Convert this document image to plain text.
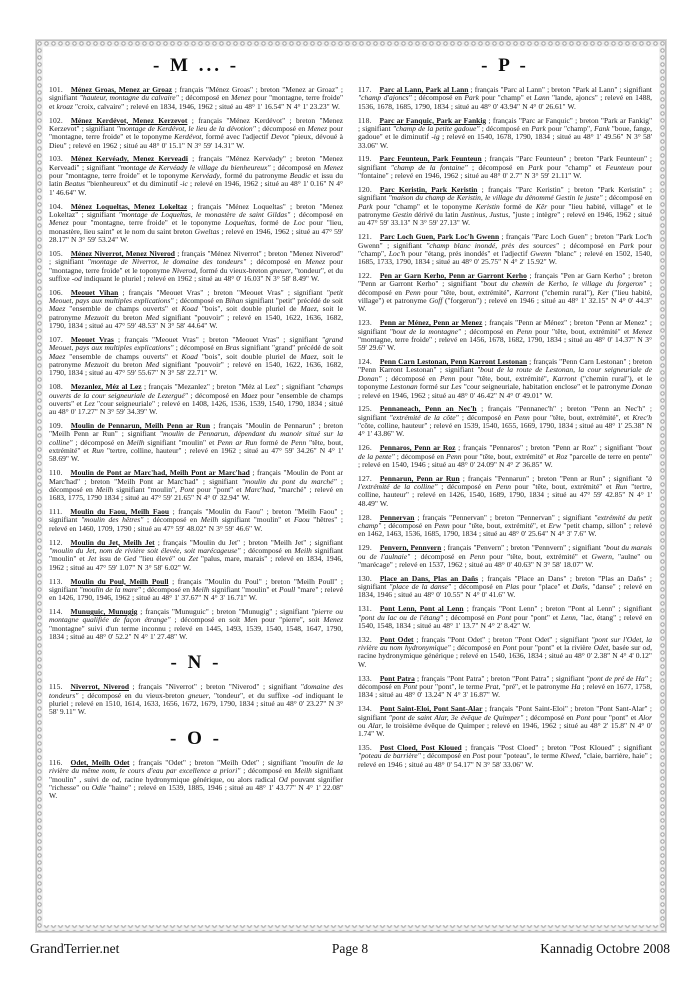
- M ... -

101.  Ménez Groas, Menez ar Groaz ; français "Ménez Groas" ; breton "Menez ar Groaz" ; signifiant "hauteur, montagne du calvaire" ; décomposé en Menez pour "montagne, terre froide" et kroaz "croix, calvaire" ; relevé en 1834, 1946, 1962 ; situé au 48° 1' 16.54" N 4° 1' 23.23" W.

102.  Ménez Kerdévot, Menez Kerzevot ; français "Ménez Kerdévot" ; breton "Menez Kerzevot" ; signifiant "montage de Kerdévot, le lieu de la dévotion" ; décomposé en Menez pour "montagne, terre froide" et le toponyme Kerdévot, formé avec l'adjectif Devot "pieux, dévoué à Dieu" ; relevé en 1962 ; situé au 48° 0' 15.1" N 3° 59' 14.31" W.

103.  Ménez Kervéady, Menez Kerveadi ; français "Ménez Kervéady" ; breton "Menez Kerveadi" ; signifiant "montage de Kervéady le village du bienheureux" ; décomposé en Menez pour "montagne, terre froide" et le toponyme Kervéady, formé du patronyme Beadic et issu du latin Beatus "bienheureux" et du diminutif -ic ; relevé en 1946, 1962 ; situé au 48° 1' 0.16" N 4° 1' 46.64" W.

104.  Ménez Loqueltas, Menez Lokeltaz ; français "Ménez Loqueltas" ; breton "Menez Lokeltaz" ; signifiant "montage de Loqueltas, le monastère de saint Gildas" ; décomposé en Menez pour "montagne, terre froide" et le toponyme Loqueltas, formé de Loc pour "lieu, monastère, lieu saint" et le nom du saint breton Gweltas ; relevé en 1946, 1962 ; situé au 47° 59' 28.17" N 3° 59' 53.24" W.

105.  Ménez Niverrot, Menez Niverod ; français "Ménez Niverrot" ; breton "Menez Niverod" ; signifiant "montage de Niverrot, le domaine des tondeurs" ; décomposé en Menez pour "montagne, terre froide" et le toponyme Niverod, formé du vieux-breton gneuer, "tondeur", et du suffixe -od indiquant le pluriel ; relevé en 1962 ; situé au 48° 0' 16.03" N 3° 58' 8.49" W.

106.  Meouet Vihan ; français "Meouet Vras" ; breton "Meouet Vras" ; signifiant "petit Meouet, pays aux multiples explications" ; décomposé en Bihan signifiant "petit" précédé de soit Maez "ensemble de champs ouverts" et Koad "bois", soit double pluriel de Maez, soit le patronyme Mezuoit du breton Med signifiant "pouvoir" ; relevé en 1540, 1622, 1636, 1682, 1790, 1834 ; situé au 47° 59' 48.53" N 3° 58' 44.64" W.

107.  Meouet Vras ; français "Meouet Vras" ; breton "Meouet Vras" ; signifiant "grand Meouet, pays aux multiples explications" ; décomposé en Bras signifiant "grand" précédé de soit Maez "ensemble de champs ouverts" et Koad "bois", soit double pluriel de Maez, soit le patronyme Mezuoit du breton Med signifiant "pouvoir" ; relevé en 1540, 1622, 1636, 1682, 1790, 1834 ; situé au 47° 59' 55.67" N 3° 58' 22.71" W.

108.  Mezanlez, Méz al Lez ; français "Mezanlez" ; breton "Méz al Lez" ; signifiant "champs ouverts de la cour seigneuriale de Lezergué" ; décomposé en Maez pour "ensemble de champs ouverts" et Lez "cour seigneuriale" ; relevé en 1408, 1426, 1536, 1539, 1540, 1790, 1834 ; situé au 48° 0' 17.27" N 3° 59' 34.39" W.

109.  Moulin de Pennarun, Meilh Penn ar Run ; français "Moulin de Pennarun" ; breton "Meilh Penn ar Run" ; signifiant "moulin de Pennarun, dépendant du manoir situé sur la colline" ; décomposé en Meilh signifiant "moulin" et Penn ar Run formé de Penn "tête, bout, extrémité" et Run "tertre, colline, hauteur" ; relevé en 1962 ; situé au 47° 59' 34.26" N 4° 1' 58.69" W.

110.  Moulin de Pont ar Marc'had, Meilh Pont ar Marc'had ; français "Moulin de Pont ar Marc'had" ; breton "Meilh Pont ar Marc'had" ; signifiant "moulin du pont du marché" ; décomposé en Meilh signifiant "moulin", Pont pour "pont" et Marc'had, "marché" ; relevé en 1683, 1775, 1790 1834 ; situé au 47° 59' 21.65" N 4° 0' 32.94" W.

111.  Moulin du Faou, Meilh Faou ; français "Moulin du Faou" ; breton "Meilh Faou" ; signifiant "moulin des hêtres" ; décomposé en Meilh signifiant "moulin" et Faou "hêtres" ; relevé en 1460, 1709, 1790 ; situé au 47° 59' 48.02" N 3° 59' 46.6" W.

112.  Moulin du Jet, Meilh Jet ; français "Moulin du Jet" ; breton "Meilh Jet" ; signifiant "moulin du Jet, nom de rivière soit élevée, soit marécageuse" ; décomposé en Meilh signifiant "moulin" et Jet issu de Ged "lieu élevé" ou Zet "palus, mare, marais" ; relevé en 1834, 1946, 1962 ; situé au 47° 59' 1.07" N 3° 58' 6.02" W.

113.  Moulin du Poul, Meilh Poull ; français "Moulin du Poul" ; breton "Meilh Poull" ; signifiant "moulin de la mare" ; décomposé en Meilh signifiant "moulin" et Poull "mare" ; relevé en 1426, 1790, 1946, 1962 ; situé au 48° 1' 37.67" N 4° 3' 16.71" W.

114.  Munuguic, Munugig ; français "Munuguic" ; breton "Munugig" ; signifiant "pierre ou montagne qualifiée de façon étrange" ; décomposé en soit Men pour "pierre", soit Menez "montagne" suivi d'un terme inconnu ; relevé en 1445, 1493, 1539, 1540, 1548, 1647, 1790, 1834 ; situé au 48° 0' 52.2" N 4° 1' 27.48" W.

- N -

115.  Niverrot, Niverod ; français "Niverrot" ; breton "Niverod" ; signifiant "domaine des tondeurs" ; décomposé en du vieux-breton gneuer, "tondeur", et du suffixe -od indiquant le pluriel ; relevé en 1510, 1614, 1633, 1656, 1672, 1679, 1790, 1834 ; situé au 48° 0' 23.27" N 3° 58' 9.11" W.

- O -

116.  Odet, Meilh Odet ; français "Odet" ; breton "Meilh Odet" ; signifiant "moulin de la rivière du même nom, le cours d'eau par excellence a priori" ; décomposé en Meilh signifiant "moulin" , suivi de od, racine hydronymique générique, ou alors radical Od pouvant signifier "richesse" ou Odie "haine" ; relevé en 1539, 1885, 1946 ; situé au 48° 1' 43.77" N 4° 1' 22.08" W.

- P -

117.  Parc al Lann, Park al Lann ; français "Parc al Lann" ; breton "Park al Lann" ; signifiant "champ d'ajoncs" ; décomposé en Park pour "champ" et Lann "lande, ajoncs" ; relevé en 1488, 1536, 1678, 1685, 1790, 1834 ; situé au 48° 0' 43.94" N 4° 0' 26.61" W.

118.  Parc ar Fanquic, Park ar Fankig ; français "Parc ar Fanquic" ; breton "Park ar Fankig" ; signifiant "champ de la petite gadoue" ; décomposé en Park pour "champ", Fank "boue, fange, gadoue" et le diminutif -ig ; relevé en 1540, 1678, 1790, 1834 ; situé au 48° 1' 49.56" N 3° 58' 33.06" W.

119.  Parc Feunteun, Park Feunteun ; français "Parc Feunteun" ; breton "Park Feunteun" ; signifiant "champ de la fontaine" ; décomposé en Park pour "champ" et Feunteun pour "fontaine" ; relevé en 1946, 1962 ; situé au 48° 0' 2.7" N 3° 59' 21.11" W.

120.  Parc Keristin, Park Keristin ; français "Parc Keristin" ; breton "Park Keristin" ; signifiant "maison du champ de Keristin, le village du dénommé Gestin le juste" ; décomposé en Park pour "champ" et le toponyme Keristin formé de Kêr pour "lieu habité, village" et le patronyme Gestin dérivé du latin Justinus, Justus, "juste ; intègre" ; relevé en 1946, 1962 ; situé au 47° 59' 33.13" N 3° 59' 27.13" W.

121.  Parc Loch Guen, Park Loc'h Gwenn ; français "Parc Loch Guen" ; breton "Park Loc'h Gwenn" ; signifiant "champ blanc inondé, près des sources" ; décomposé en Park pour "champ", Loc'h pour "étang, prés inondés" et l'adjectif Gwenn "blanc" ; relevé en 1502, 1540, 1685, 1733, 1790, 1834 ; situé au 48° 0' 25.75" N 4° 2' 15.92" W.

122.  Pen ar Garn Kerho, Penn ar Garront Kerho ; français "Pen ar Garn Kerho" ; breton "Penn ar Garront Kerho" ; signifiant "bout du chemin de Kerho, le village du forgeron" ; décomposé en Penn pour "tête, bout, extrémité", Karront ("chemin rural"), Ker ("lieu habité, village") et patronyme Goff ("forgeron") ; relevé en 1946 ; situé au 48° 1' 32.15" N 4° 0' 44.3" W.

123.  Penn ar Ménez, Penn ar Menez ; français "Penn ar Ménez" ; breton "Penn ar Menez" ; signifiant "bout de la montagne" ; décomposé en Penn pour "tête, bout, extrémité" et Menez "montagne, terre froide" ; relevé en 1456, 1678, 1682, 1790, 1834 ; situé au 48° 0' 14.37" N 3° 59' 29.6" W.

124.  Penn Carn Lestonan, Penn Karront Lestonan ; français "Penn Carn Lestonan" ; breton "Penn Karront Lestonan" ; signifiant "bout de la route de Lestonan, la cour seigneuriale de Donan" ; décomposé en Penn pour "tête, bout, extrémité", Karront ("chemin rural"), et le toponyme Lestonan formé sur Les "cour seigneuriale, habitation enclose" et le patronyme Donan ; relevé en 1946, 1962 ; situé au 48° 0' 46.42" N 4° 0' 49.01" W.

125.  Pennaneach, Penn an Nec'h ; français "Pennanec'h" ; breton "Penn an Nec'h" ; signifiant "extrémité de la côte" ; décomposé en Penn pour "tête, bout, extrémité", et Krec'h "côte, colline, hauteur" ; relevé en 1539, 1540, 1655, 1669, 1790, 1834 ; situé au 48° 1' 25.38" N 4° 1' 43.86" W.

126.  Pennaros, Penn ar Roz ; français "Pennaros" ; breton "Penn ar Roz" ; signifiant "bout de la pente" ; décomposé en Penn pour "tête, bout, extrémité" et Roz "parcelle de terre en pente" ; relevé en 1540, 1946 ; situé au 48° 0' 24.09" N 4° 2' 36.85" W.

127.  Pennarun, Penn ar Run ; français "Pennarun" ; breton "Penn ar Run" ; signifiant "à l'extrémité de la colline" ; décomposé en Penn pour "tête, bout, extrémité" et Run "tertre, colline, hauteur" ; relevé en 1426, 1540, 1689, 1790, 1834 ; situé au 47° 59' 42.85" N 4° 1' 48.49" W.

128.  Pennervan ; français "Pennervan" ; breton "Pennervan" ; signifiant "extrémité du petit champ" ; décomposé en Penn pour "tête, bout, extrémité", et Erw "petit champ, sillon" ; relevé en 1462, 1463, 1536, 1685, 1790, 1834 ; situé au 48° 0' 25.64" N 4° 3' 7.6" W.

129.  Penvern, Pennvern ; français "Penvern" ; breton "Pennvern" ; signifiant "bout du marais ou de l'aulnaie" ; décomposé en Penn pour "tête, bout, extrémité" et Gwern, "aulne" ou "marécage" ; relevé en 1537, 1962 ; situé au 48° 0' 40.63" N 3° 58' 18.07" W.

130.  Place an Dans, Plas an Dañs ; français "Place an Dans" ; breton "Plas an Dañs" ; signifiant "place de la danse" ; décomposé en Plas pour "place" et Dañs, "danse" ; relevé en 1834, 1946 ; situé au 48° 0' 10.55" N 4° 0' 41.6" W.

131.  Pont Lenn, Pont al Lenn ; français "Pont Lenn" ; breton "Pont al Lenn" ; signifiant "pont du lac ou de l'étang" ; décomposé en Pont pour "pont" et Lenn, "lac, étang" ; relevé en 1540, 1548, 1834 ; situé au 48° 1' 13.7" N 4° 2' 8.42" W.

132.  Pont Odet ; français "Pont Odet" ; breton "Pont Odet" ; signifiant "pont sur l'Odet, la rivière au nom hydronymique" ; décomposé en Pont pour "pont" et la rivière Odet, basée sur od, racine hydronymique générique ; relevé en 1540, 1636, 1834 ; situé au 48° 0' 2.38" N 4° 4' 0.12" W.

133.  Pont Patra ; français "Pont Patra" ; breton "Pont Patra" ; signifiant "pont de pré de Ha" ; décomposé en Pont pour "pont", le terme Prat, "pré", et le patronyme Ha ; relevé en 1677, 1758, 1834 ; situé au 48° 0' 13.24" N 4° 3' 16.87" W.

134.  Pont Saint-Eloi, Pont Sant-Alar ; français "Pont Saint-Eloi" ; breton "Pont Sant-Alar" ; signifiant "pont de saint Alar, 3e évêque de Quimper" ; décomposé en Pont pour "pont" et Alor ou Alar, le troisième évêque de Quimper ; relevé en 1946, 1962 ; situé au 48° 2' 15.8" N 4° 0' 1.74" W.

135.  Post Cloed, Post Kloued ; français "Post Cloed" ; breton "Post Kloued" ; signifiant "poteau de barrière" ; décomposé en Post pour "poteau", le terme Klwed, "claie, barrière, haie" ; relevé en 1946 ; situé au 48° 0' 54.17" N 3° 58' 33.06" W.

GrandTerrier.net	Page 8	Kannadig Octobre 2008
